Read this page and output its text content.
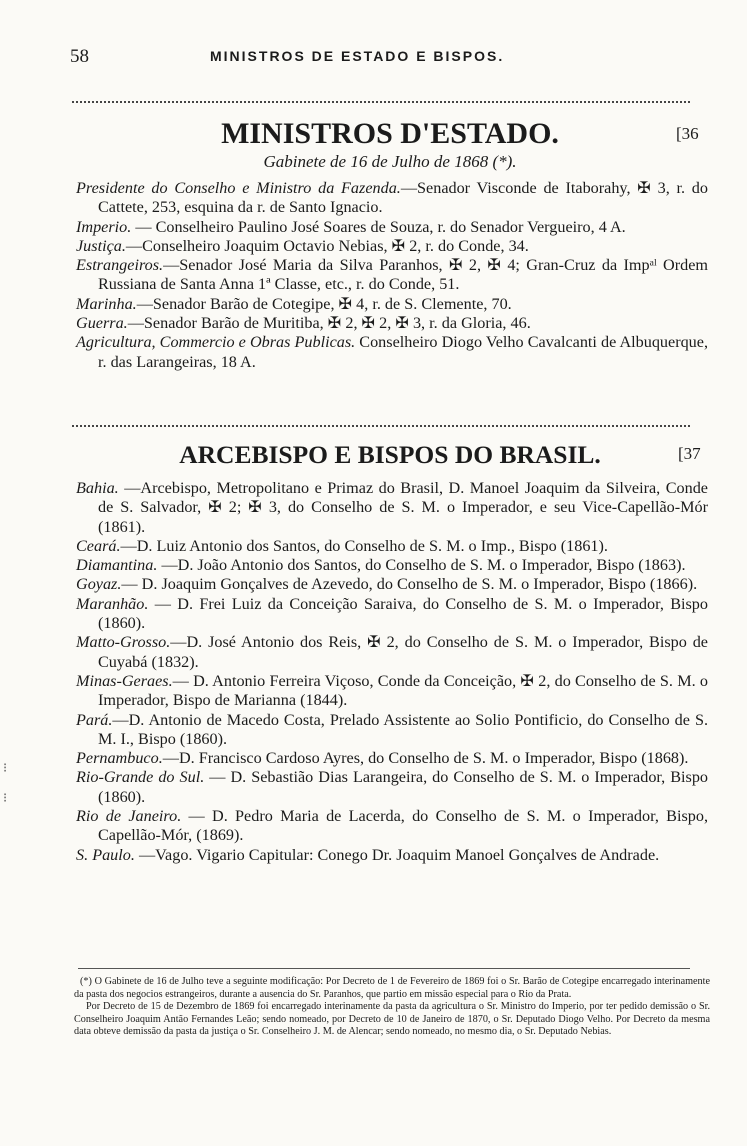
58	MINISTROS DE ESTADO E BISPOS.
MINISTROS D'ESTADO.	[36
Gabinete de 16 de Julho de 1868 (*).
Presidente do Conselho e Ministro da Fazenda.—Senador Visconde de Itaborahy, ✠ 3, r. do Cattete, 253, esquina da r. de Santo Ignacio.
Imperio. — Conselheiro Paulino José Soares de Souza, r. do Senador Vergueiro, 4 A.
Justiça.—Conselheiro Joaquim Octavio Nebias, ✠ 2, r. do Conde, 34.
Estrangeiros.—Senador José Maria da Silva Paranhos, ✠ 2, ✠ 4; Gran-Cruz da Impᵃˡ Ordem Russiana de Santa Anna 1ª Classe, etc., r. do Conde, 51.
Marinha.—Senador Barão de Cotegipe, ✠ 4, r. de S. Clemente, 70.
Guerra.—Senador Barão de Muritiba, ✠ 2, ✠ 2, ✠ 3, r. da Gloria, 46.
Agricultura, Commercio e Obras Publicas. Conselheiro Diogo Velho Cavalcanti de Albuquerque, r. das Larangeiras, 18 A.
ARCEBISPO E BISPOS DO BRASIL.	[37
Bahia. —Arcebispo, Metropolitano e Primaz do Brasil, D. Manoel Joaquim da Silveira, Conde de S. Salvador, ✠ 2; ✠ 3, do Conselho de S. M. o Imperador, e seu Vice-Capellão-Mór (1861).
Ceará.—D. Luiz Antonio dos Santos, do Conselho de S. M. o Imp., Bispo (1861).
Diamantina. —D. João Antonio dos Santos, do Conselho de S. M. o Imperador, Bispo (1863).
Goyaz.— D. Joaquim Gonçalves de Azevedo, do Conselho de S. M. o Imperador, Bispo (1866).
Maranhão. — D. Frei Luiz da Conceição Saraiva, do Conselho de S. M. o Imperador, Bispo (1860).
Matto-Grosso.—D. José Antonio dos Reis, ✠ 2, do Conselho de S. M. o Imperador, Bispo de Cuyabá (1832).
Minas-Geraes.— D. Antonio Ferreira Viçoso, Conde da Conceição, ✠ 2, do Conselho de S. M. o Imperador, Bispo de Marianna (1844).
Pará.—D. Antonio de Macedo Costa, Prelado Assistente ao Solio Pontificio, do Conselho de S. M. I., Bispo (1860).
Pernambuco.—D. Francisco Cardoso Ayres, do Conselho de S. M. o Imperador, Bispo (1868).
Rio-Grande do Sul. — D. Sebastião Dias Larangeira, do Conselho de S. M. o Imperador, Bispo (1860).
Rio de Janeiro. — D. Pedro Maria de Lacerda, do Conselho de S. M. o Imperador, Bispo, Capellão-Mór, (1869).
S. Paulo. —Vago. Vigario Capitular: Conego Dr. Joaquim Manoel Gonçalves de Andrade.

(*) O Gabinete de 16 de Julho teve a seguinte modificação: Por Decreto de 1 de Fevereiro de 1869 foi o Sr. Barão de Cotegipe encarregado interinamente da pasta dos negocios estrangeiros, durante a ausencia do Sr. Paranhos, que partio em missão especial para o Rio da Prata.

Por Decreto de 15 de Dezembro de 1869 foi encarregado interinamente da pasta da agricultura o Sr. Ministro do Imperio, por ter pedido demissão o Sr. Conselheiro Joaquim Antão Fernandes Leão; sendo nomeado, por Decreto de 10 de Janeiro de 1870, o Sr. Deputado Diogo Velho. Por Decreto da mesma data obteve demissão da pasta da justiça o Sr. Conselheiro J. M. de Alencar; sendo nomeado, no mesmo dia, o Sr. Deputado Nebias.

⁝
⁝
